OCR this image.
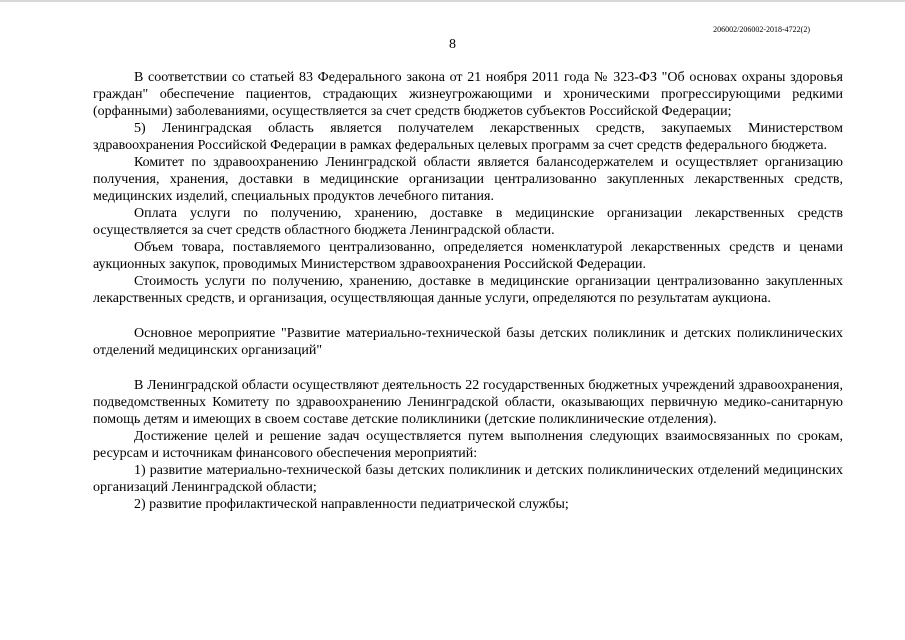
206002/206002-2018-4722(2)
8

В соответствии со статьей 83 Федерального закона от 21 ноября 2011 года № 323-ФЗ "Об основах охраны здоровья граждан" обеспечение пациентов, страдающих жизнеугрожающими и хроническими прогрессирующими редкими (орфанными) заболеваниями, осуществляется за счет средств бюджетов субъектов Российской Федерации;

5) Ленинградская область является получателем лекарственных средств, закупаемых Министерством здравоохранения Российской Федерации в рамках федеральных целевых программ за счет средств федерального бюджета.

Комитет по здравоохранению Ленинградской области является балансодержателем и осуществляет организацию получения, хранения, доставки в медицинские организации централизованно закупленных лекарственных средств, медицинских изделий, специальных продуктов лечебного питания.

Оплата услуги по получению, хранению, доставке в медицинские организации лекарственных средств осуществляется за счет средств областного бюджета Ленинградской области.

Объем товара, поставляемого централизованно, определяется номенклатурой лекарственных средств и ценами аукционных закупок, проводимых Министерством здравоохранения Российской Федерации.

Стоимость услуги по получению, хранению, доставке в медицинские организации централизованно закупленных лекарственных средств, и организация, осуществляющая данные услуги, определяются по результатам аукциона.

Основное мероприятие "Развитие материально-технической базы детских поликлиник и детских поликлинических отделений медицинских организаций"

В Ленинградской области осуществляют деятельность 22 государственных бюджетных учреждений здравоохранения, подведомственных Комитету по здравоохранению Ленинградской области, оказывающих первичную медико-санитарную помощь детям и имеющих в своем составе детские поликлиники (детские поликлинические отделения).

Достижение целей и решение задач осуществляется путем выполнения следующих взаимосвязанных по срокам, ресурсам и источникам финансового обеспечения мероприятий:

1) развитие материально-технической базы детских поликлиник и детских поликлинических отделений медицинских организаций Ленинградской области;

2) развитие профилактической направленности педиатрической службы;
